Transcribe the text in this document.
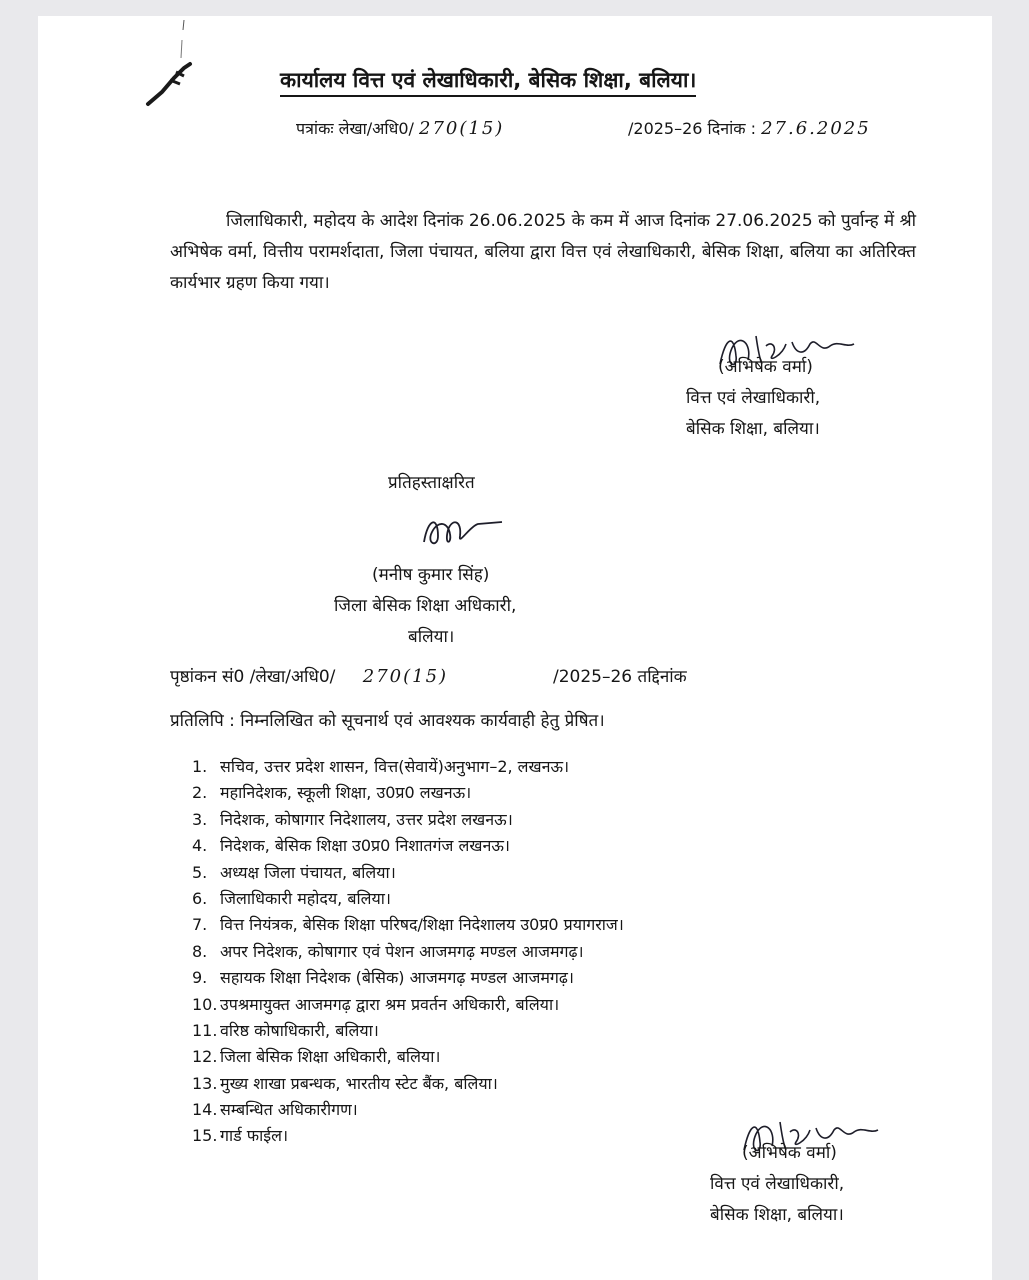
कार्यालय वित्त एवं लेखाधिकारी, बेसिक शिक्षा, बलिया।
पत्रांकः लेखा/अधि0/ 270(15)	/2025–26 दिनांक : 27.6.2025
जिलाधिकारी, महोदय के आदेश दिनांक 26.06.2025 के कम में आज दिनांक 27.06.2025 को पुर्वान्ह में श्री अभिषेक वर्मा, वित्तीय परामर्शदाता, जिला पंचायत, बलिया द्वारा वित्त एवं लेखाधिकारी, बेसिक शिक्षा, बलिया का अतिरिक्त कार्यभार ग्रहण किया गया।
(अभिषेक वर्मा)
वित्त एवं लेखाधिकारी,
बेसिक शिक्षा, बलिया।
प्रतिहस्ताक्षरित
(मनीष कुमार सिंह)
जिला बेसिक शिक्षा अधिकारी,
बलिया।
पृष्ठांकन सं0 /लेखा/अधि0/ 270(15)	/2025–26 तद्दिनांक
प्रतिलिपि : निम्नलिखित को सूचनार्थ एवं आवश्यक कार्यवाही हेतु प्रेषित।
1. सचिव, उत्तर प्रदेश शासन, वित्त(सेवायें)अनुभाग–2, लखनऊ।
2. महानिदेशक, स्कूली शिक्षा, उ0प्र0 लखनऊ।
3. निदेशक, कोषागार निदेशालय, उत्तर प्रदेश लखनऊ।
4. निदेशक, बेसिक शिक्षा उ0प्र0 निशातगंज लखनऊ।
5. अध्यक्ष जिला पंचायत, बलिया।
6. जिलाधिकारी महोदय, बलिया।
7. वित्त नियंत्रक, बेसिक शिक्षा परिषद/शिक्षा निदेशालय उ0प्र0 प्रयागराज।
8. अपर निदेशक, कोषागार एवं पेशन आजमगढ़ मण्डल आजमगढ़।
9. सहायक शिक्षा निदेशक (बेसिक) आजमगढ़ मण्डल आजमगढ़।
10. उपश्रमायुक्त आजमगढ़ द्वारा श्रम प्रवर्तन अधिकारी, बलिया।
11. वरिष्ठ कोषाधिकारी, बलिया।
12. जिला बेसिक शिक्षा अधिकारी, बलिया।
13. मुख्य शाखा प्रबन्धक, भारतीय स्टेट बैंक, बलिया।
14. सम्बन्धित अधिकारीगण।
15. गार्ड फाईल।
(अभिषेक वर्मा)
वित्त एवं लेखाधिकारी,
बेसिक शिक्षा, बलिया।
